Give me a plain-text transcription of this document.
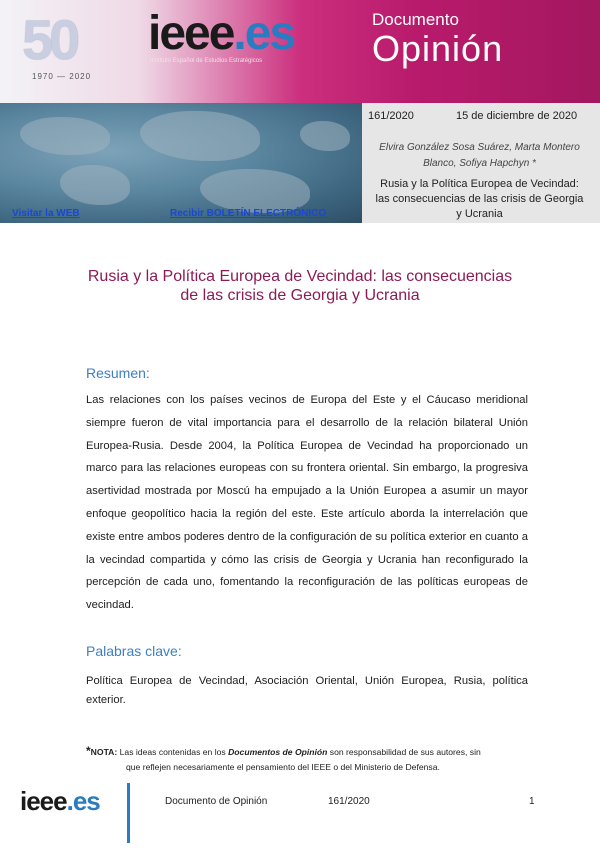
50
1970 — 2020
ieee.es
Instituto Español de Estudios Estratégicos
Documento
Opinión
161/2020	15 de diciembre de 2020
Elvira González Sosa Suárez, Marta Montero Blanco, Sofiya Hapchyn *
Rusia y la Política Europea de Vecindad: las consecuencias de las crisis de Georgia y Ucrania
Visitar la WEB	Recibir BOLETÍN ELECTRÓNICO
Rusia y la Política Europea de Vecindad: las consecuencias
de las crisis de Georgia y Ucrania
Resumen:
Las relaciones con los países vecinos de Europa del Este y el Cáucaso meridional siempre fueron de vital importancia para el desarrollo de la relación bilateral Unión Europea-Rusia. Desde 2004, la Política Europea de Vecindad ha proporcionado un marco para las relaciones europeas con su frontera oriental. Sin embargo, la progresiva asertividad mostrada por Moscú ha empujado a la Unión Europea a asumir un mayor enfoque geopolítico hacia la región del este. Este artículo aborda la interrelación que existe entre ambos poderes dentro de la configuración de su política exterior en cuanto a la vecindad compartida y cómo las crisis de Georgia y Ucrania han reconfigurado la percepción de cada uno, fomentando la reconfiguración de las políticas europeas de vecindad.
Palabras clave:
Política Europea de Vecindad, Asociación Oriental, Unión Europea, Rusia, política exterior.
*NOTA: Las ideas contenidas en los Documentos de Opinión son responsabilidad de sus autores, sin
que reflejen necesariamente el pensamiento del IEEE o del Ministerio de Defensa.
ieee.es	Documento de Opinión	161/2020	1
